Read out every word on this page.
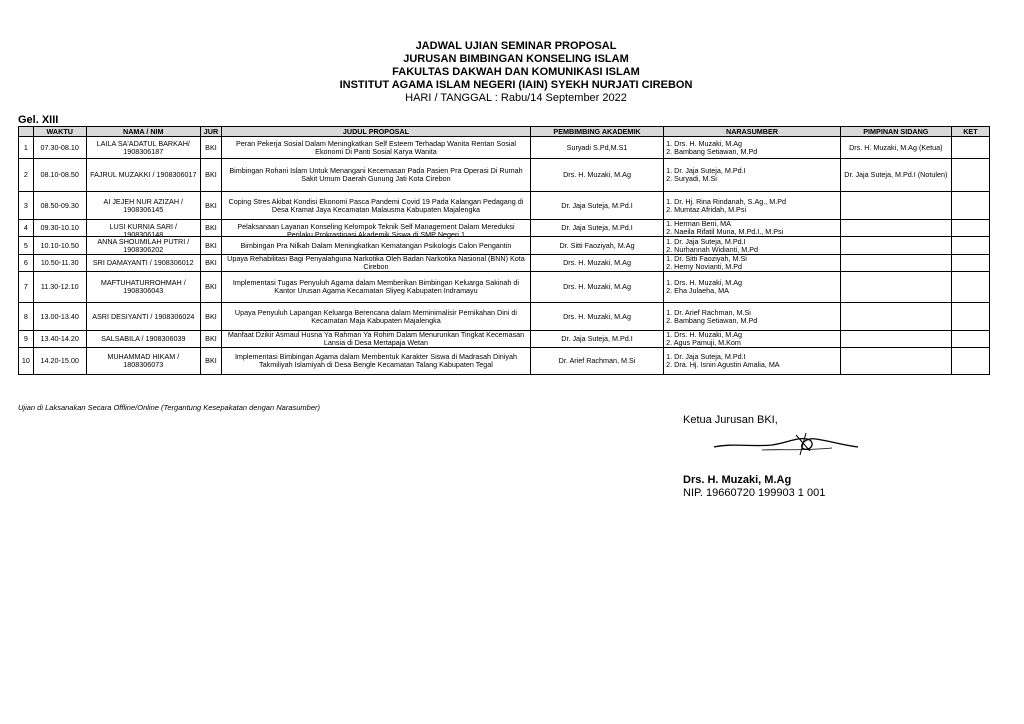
JADWAL UJIAN SEMINAR PROPOSAL
JURUSAN BIMBINGAN KONSELING ISLAM
FAKULTAS DAKWAH DAN KOMUNIKASI ISLAM
INSTITUT AGAMA ISLAM NEGERI (IAIN) SYEKH NURJATI CIREBON
HARI / TANGGAL : Rabu/14 September 2022
Gel. XIII
	WAKTU	NAMA / NIM	JUR	JUDUL PROPOSAL	PEMBIMBING AKADEMIK	NARASUMBER	PIMPINAN SIDANG	KET

1	07.30-08.10	LAILA SA'ADATUL BARKAH/ 1908306187	BKI	Peran Pekerja Sosial Dalam Meningkatkan Self Esteem Terhadap Wanita Rentan Sosial Ekonomi Di Panti Sosial Karya Wanita	Suryadi S.Pd,M.S1	1. Drs. H. Muzaki, M.Ag
2. Bambang Setiawan, M.Pd	Drs. H. Muzaki, M.Ag (Ketua)	

2	08.10-08.50	FAJRUL MUZAKKI / 1908306017	BKI	Bimbingan Rohani Islam Untuk Menangani Kecemasan Pada Pasien Pra Operasi Di Rumah Sakit Umum Daerah Gunung Jati Kota Cirebon	Drs. H. Muzaki, M.Ag	1. Dr. Jaja Suteja, M.Pd.I
2. Suryadi, M.Si	Dr. Jaja Suteja, M.Pd.I (Notulen)	

3	08.50-09.30	AI JEJEH NUR AZIZAH / 1908306145	BKI	Coping Stres Akibat Kondisi Ekonomi Pasca Pandemi Covid 19 Pada Kalangan Pedagang di Desa Kramat Jaya Kecamatan Malausma Kabupaten Majalengka	Dr. Jaja Suteja, M.Pd.I	1. Dr. Hj. Rina Rindanah, S.Ag., M.Pd
2. Mumtaz Afridah, M.Psi		

4	09.30-10.10	LUSI KURNIA SARI / 1908306148	BKI	Pelaksanaan Layanan Konseling Kelompok Teknik Self Management Dalam Mereduksi Perilaku Prokrastinasi Akademik Siswa di SMP Negeri 1	Dr. Jaja Suteja, M.Pd.I	1. Herman Beni, MA
2. Naeila Rifatil Muna, M.Pd.I., M.Psi		

5	10.10-10.50	ANNA SHOUMILAH PUTRI / 1908306202	BKI	Bimbingan Pra Nilkah Dalam Meningkatkan Kematangan Psikologis Calon Pengantin	Dr. Sitti Faoziyah, M.Ag	1. Dr. Jaja Suteja, M.Pd.I
2. Nurhannah Widianti, M.Pd		

6	10.50-11.30	SRI DAMAYANTI / 1908306012	BKI	Upaya Rehabilitasi Bagi Penyalahguna Narkotika Oleh Badan Narkotika Nasional (BNN) Kota Cirebon	Drs. H. Muzaki, M.Ag	1. Dr. Sitti Faoziyah, M.Si
2. Herny Novianti, M.Pd		

7	11.30-12.10	MAFTUHATURROHMAH / 1908306043	BKI	Implementasi Tugas Penyuluh Agama dalam Memberikan Bimbingan Keluarga Sakinah di Kantor Urusan Agama Kecamatan Sliyeg Kabupaten Indramayu	Drs. H. Muzaki, M.Ag	1. Drs. H. Muzaki, M.Ag
2. Eha Julaeha, MA		

8	13.00-13.40	ASRI DESIYANTI / 1908306024	BKI	Upaya Penyuluh Lapangan Keluarga Berencana dalam Meminimalisir Pernikahan Dini di Kecamatan Maja Kabupaten Majalengka	Drs. H. Muzaki, M.Ag	1. Dr. Arief Rachman, M.Si
2. Bambang Setiawan, M.Pd		

9	13.40-14.20	SALSABILA / 1908306039	BKI	Manfaat Dzikir Asmaul Husna Ya Rahman Ya Rohim Dalam Menurunkan Tingkat Kecemasan Lansia di Desa Mertapaja Wetan	Dr. Jaja Suteja, M.Pd.I	1. Drs. H. Muzaki, M.Ag
2. Agus Pamuji, M.Kom		

10	14.20-15.00	MUHAMMAD HIKAM / 1808306073	BKI	Implementasi Bimbingan Agama dalam Membentuk Karakter Siswa di Madrasah Diniyah Takmiliyah Islamiyah di Desa Bengle Kecamatan Talang Kabupaten Tegal	Dr. Arief Rachman, M.Si	1. Dr. Jaja Suteja, M.Pd.I
2. Dra. Hj. Isnin Agustin Amalia, MA		

Ujian di Laksanakan Secara Offline/Online (Tergantung Kesepakatan dengan Narasumber)
Ketua Jurusan BKI,
Drs. H. Muzaki, M.Ag
NIP. 19660720 199903 1 001
